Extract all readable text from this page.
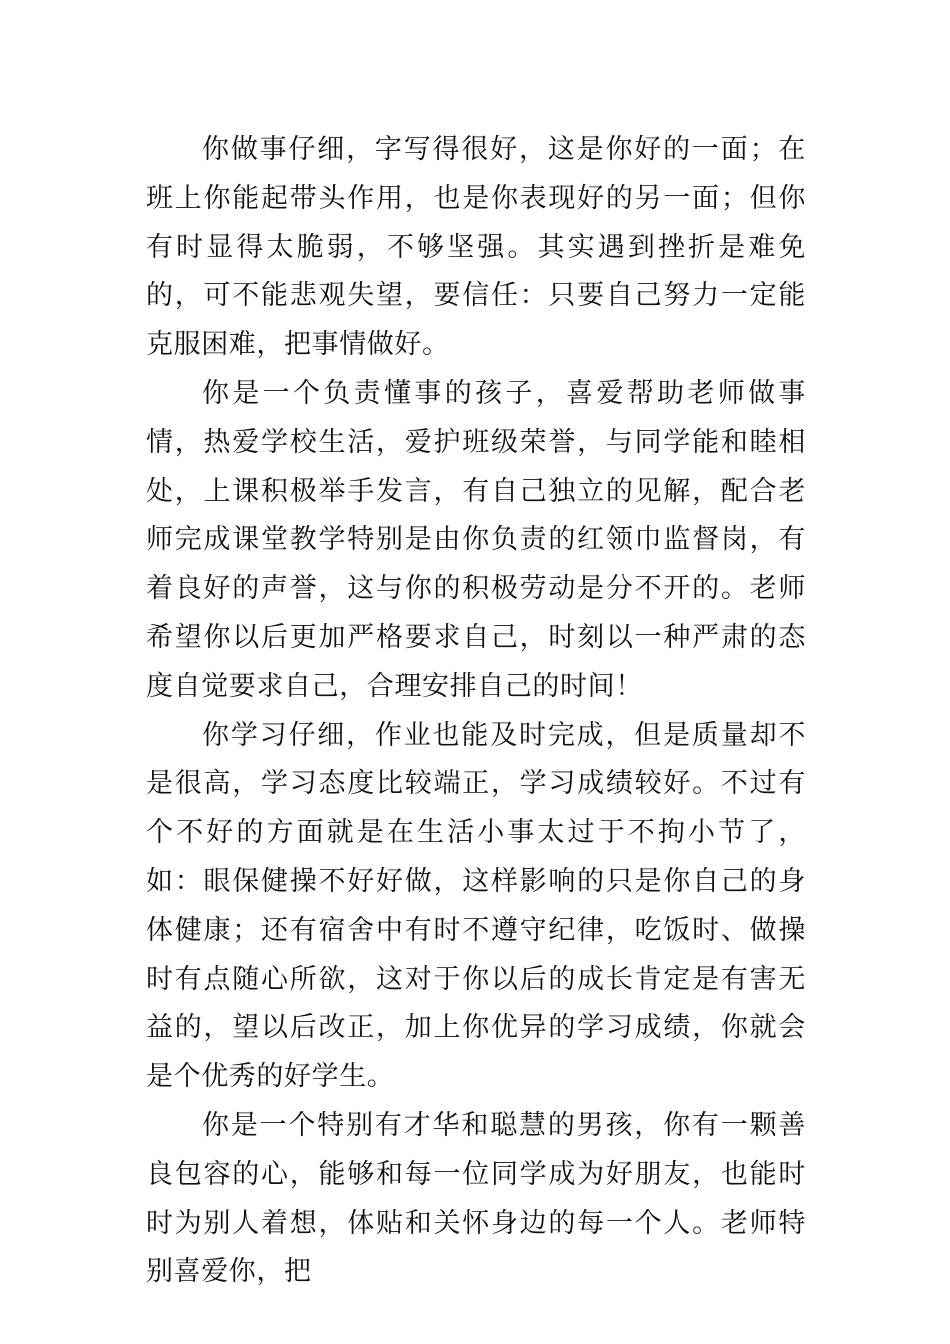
你做事仔细，字写得很好，这是你好的一面；在班上你能起带头作用，也是你表现好的另一面；但你有时显得太脆弱，不够坚强。其实遇到挫折是难免的，可不能悲观失望，要信任：只要自己努力一定能克服困难，把事情做好。

你是一个负责懂事的孩子，喜爱帮助老师做事情，热爱学校生活，爱护班级荣誉，与同学能和睦相处，上课积极举手发言，有自己独立的见解，配合老师完成课堂教学特别是由你负责的红领巾监督岗，有着良好的声誉，这与你的积极劳动是分不开的。老师希望你以后更加严格要求自己，时刻以一种严肃的态度自觉要求自己，合理安排自己的时间！

你学习仔细，作业也能及时完成，但是质量却不是很高，学习态度比较端正，学习成绩较好。不过有个不好的方面就是在生活小事太过于不拘小节了，如：眼保健操不好好做，这样影响的只是你自己的身体健康；还有宿舍中有时不遵守纪律，吃饭时、做操时有点随心所欲，这对于你以后的成长肯定是有害无益的，望以后改正，加上你优异的学习成绩，你就会是个优秀的好学生。

你是一个特别有才华和聪慧的男孩，你有一颗善良包容的心，能够和每一位同学成为好朋友，也能时时为别人着想，体贴和关怀身边的每一个人。老师特别喜爱你，把
